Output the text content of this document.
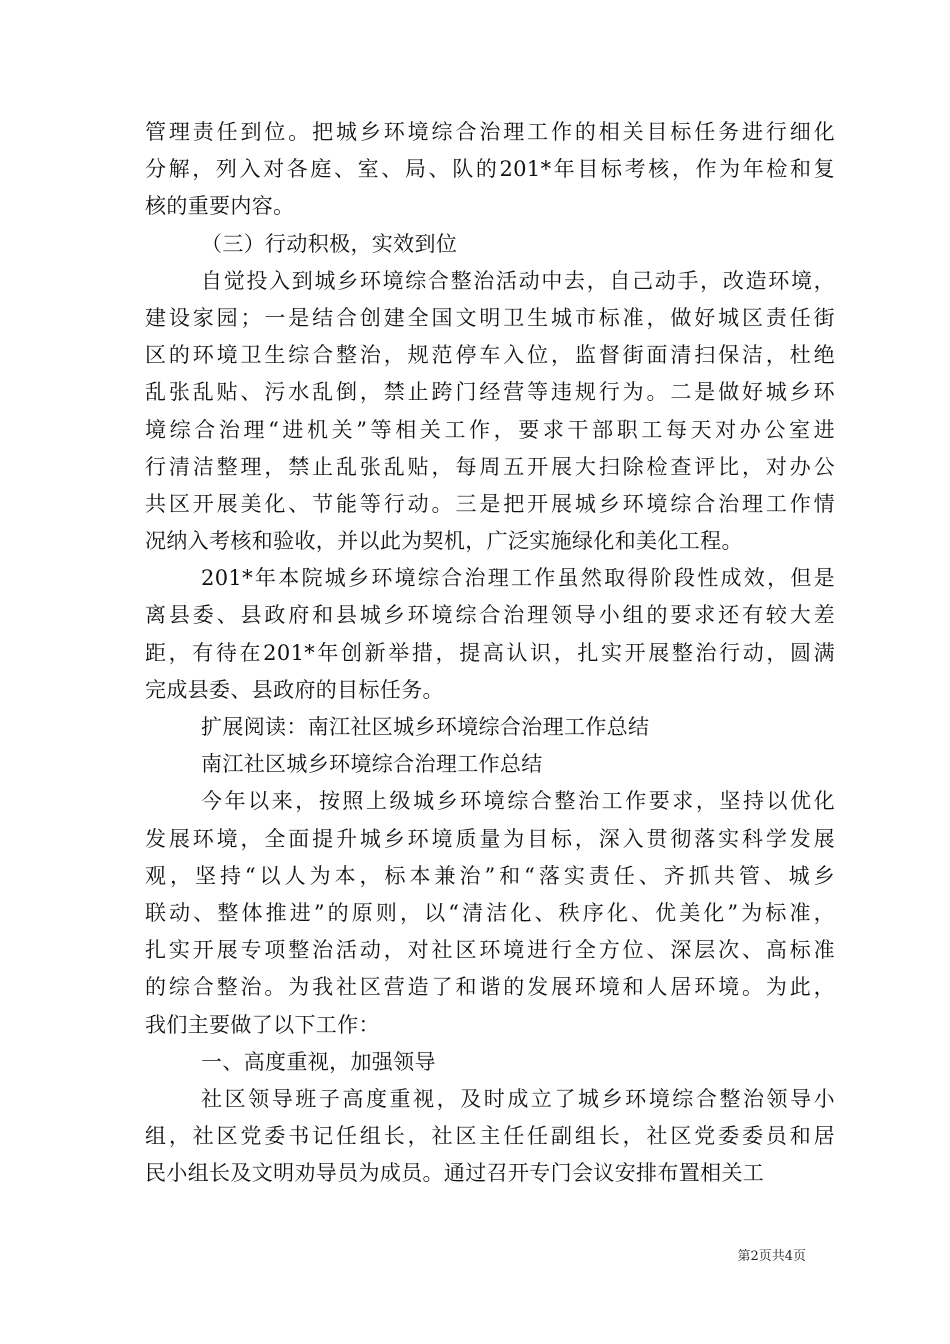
管理责任到位。把城乡环境综合治理工作的相关目标任务进行细化
分解，列入对各庭、室、局、队的201*年目标考核，作为年检和复
核的重要内容。
（三）行动积极，实效到位
自觉投入到城乡环境综合整治活动中去，自己动手，改造环境，
建设家园；一是结合创建全国文明卫生城市标准，做好城区责任街
区的环境卫生综合整治，规范停车入位，监督街面清扫保洁，杜绝
乱张乱贴、污水乱倒，禁止跨门经营等违规行为。二是做好城乡环
境综合治理“进机关”等相关工作，要求干部职工每天对办公室进
行清洁整理，禁止乱张乱贴，每周五开展大扫除检查评比，对办公
共区开展美化、节能等行动。三是把开展城乡环境综合治理工作情
况纳入考核和验收，并以此为契机，广泛实施绿化和美化工程。
201*年本院城乡环境综合治理工作虽然取得阶段性成效，但是
离县委、县政府和县城乡环境综合治理领导小组的要求还有较大差
距，有待在201*年创新举措，提高认识，扎实开展整治行动，圆满
完成县委、县政府的目标任务。
扩展阅读：南江社区城乡环境综合治理工作总结
南江社区城乡环境综合治理工作总结
今年以来，按照上级城乡环境综合整治工作要求，坚持以优化
发展环境，全面提升城乡环境质量为目标，深入贯彻落实科学发展
观，坚持“以人为本，标本兼治”和“落实责任、齐抓共管、城乡
联动、整体推进”的原则，以“清洁化、秩序化、优美化”为标准，
扎实开展专项整治活动，对社区环境进行全方位、深层次、高标准
的综合整治。为我社区营造了和谐的发展环境和人居环境。为此，
我们主要做了以下工作：
一、高度重视，加强领导
社区领导班子高度重视，及时成立了城乡环境综合整治领导小
组，社区党委书记任组长，社区主任任副组长，社区党委委员和居
民小组长及文明劝导员为成员。通过召开专门会议安排布置相关工
第2页共4页
